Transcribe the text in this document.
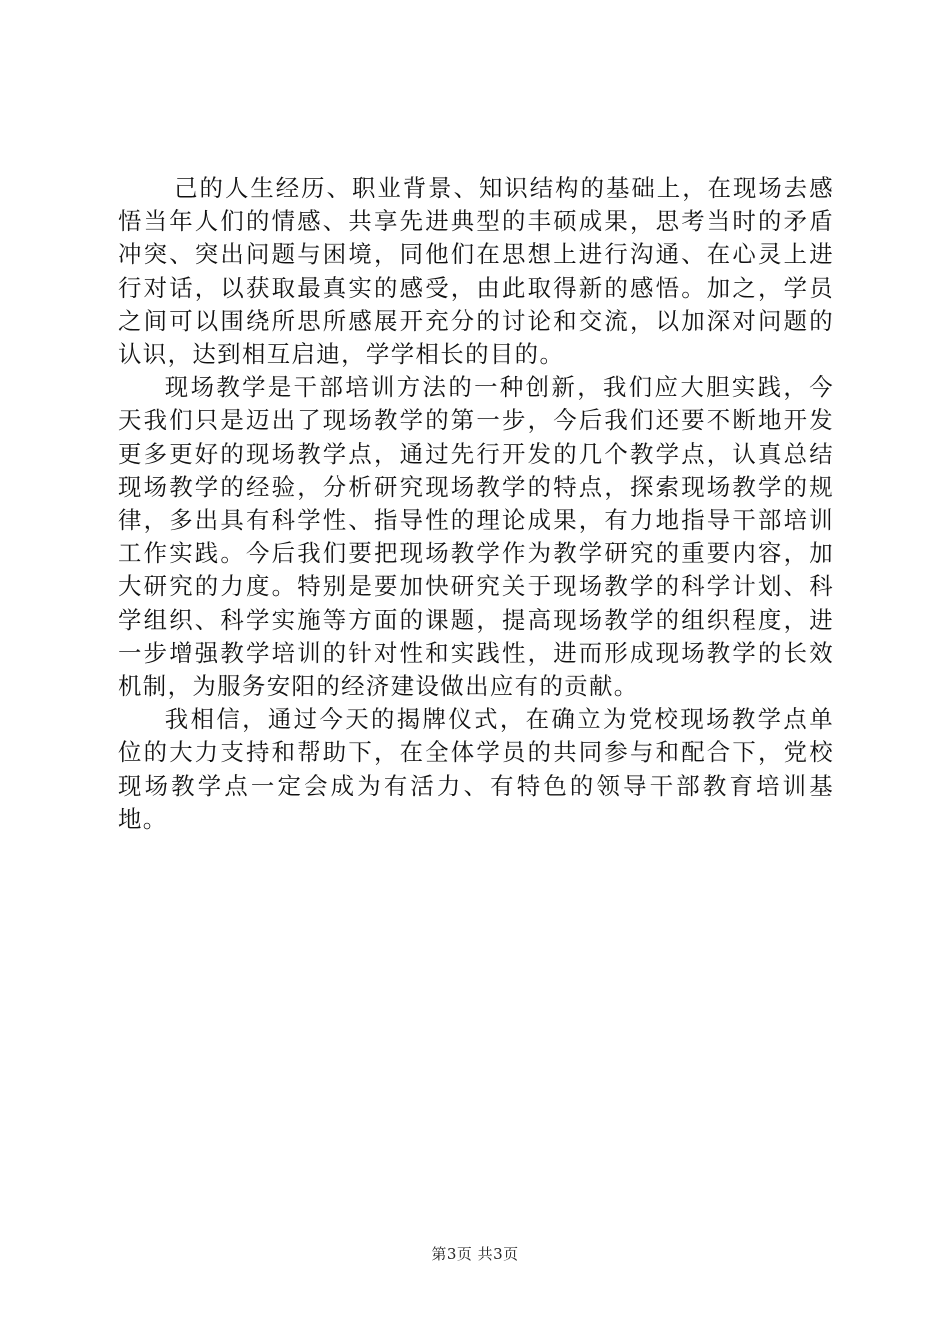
己的人生经历、职业背景、知识结构的基础上，在现场去感悟当年人们的情感、共享先进典型的丰硕成果，思考当时的矛盾冲突、突出问题与困境，同他们在思想上进行沟通、在心灵上进行对话，以获取最真实的感受，由此取得新的感悟。加之，学员之间可以围绕所思所感展开充分的讨论和交流，以加深对问题的认识，达到相互启迪，学学相长的目的。

现场教学是干部培训方法的一种创新，我们应大胆实践，今天我们只是迈出了现场教学的第一步，今后我们还要不断地开发更多更好的现场教学点，通过先行开发的几个教学点，认真总结现场教学的经验，分析研究现场教学的特点，探索现场教学的规律，多出具有科学性、指导性的理论成果，有力地指导干部培训工作实践。今后我们要把现场教学作为教学研究的重要内容，加大研究的力度。特别是要加快研究关于现场教学的科学计划、科学组织、科学实施等方面的课题，提高现场教学的组织程度，进一步增强教学培训的针对性和实践性，进而形成现场教学的长效机制，为服务安阳的经济建设做出应有的贡献。

我相信，通过今天的揭牌仪式，在确立为党校现场教学点单位的大力支持和帮助下，在全体学员的共同参与和配合下，党校现场教学点一定会成为有活力、有特色的领导干部教育培训基地。

第3页 共3页
